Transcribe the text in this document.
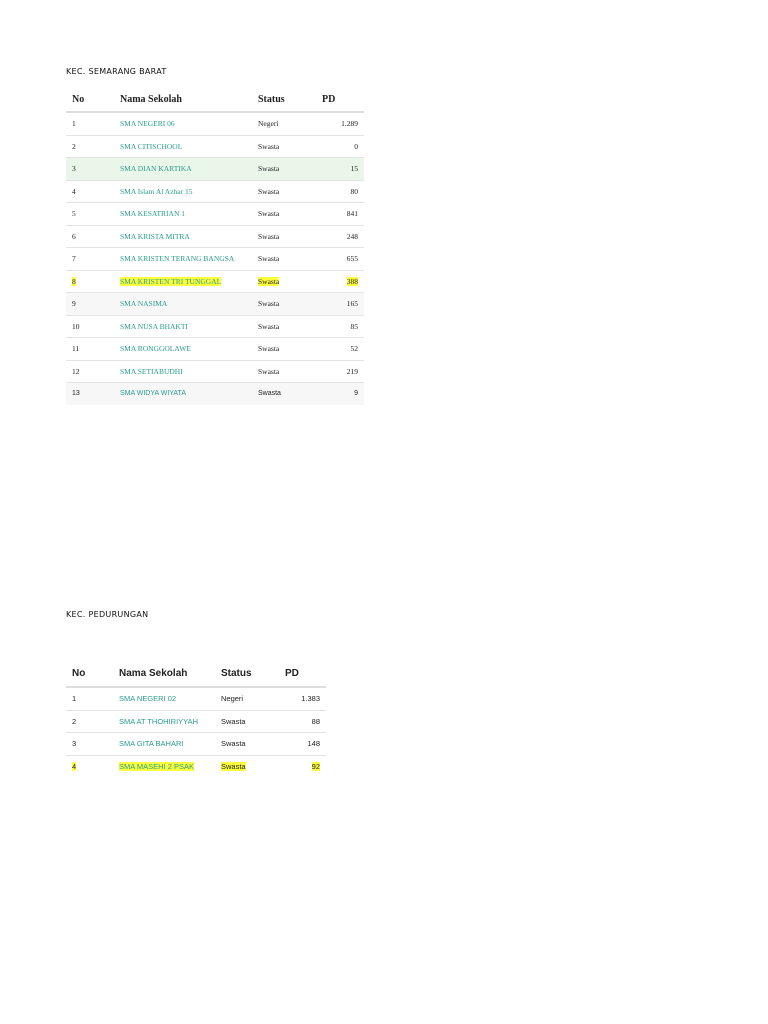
KEC. SEMARANG BARAT
No	Nama Sekolah	Status	PD
1	SMA NEGERI 06	Negeri	1.289
2	SMA CITISCHOOL	Swasta	0
3	SMA DIAN KARTIKA	Swasta	15
4	SMA Islam Al Azhar 15	Swasta	80
5	SMA KESATRIAN 1	Swasta	841
6	SMA KRISTA MITRA	Swasta	248
7	SMA KRISTEN TERANG BANGSA	Swasta	655
8	SMA KRISTEN TRI TUNGGAL	Swasta	388
9	SMA NASIMA	Swasta	165
10	SMA NUSA BHAKTI	Swasta	85
11	SMA RONGGOLAWE	Swasta	52
12	SMA SETIABUDHI	Swasta	219
13	SMA WIDYA WIYATA	Swasta	9
KEC. PEDURUNGAN
No	Nama Sekolah	Status	PD
1	SMA NEGERI 02	Negeri	1.383
2	SMA AT THOHIRIYYAH	Swasta	88
3	SMA GITA BAHARI	Swasta	148
4	SMA MASEHI 2 PSAK	Swasta	92
